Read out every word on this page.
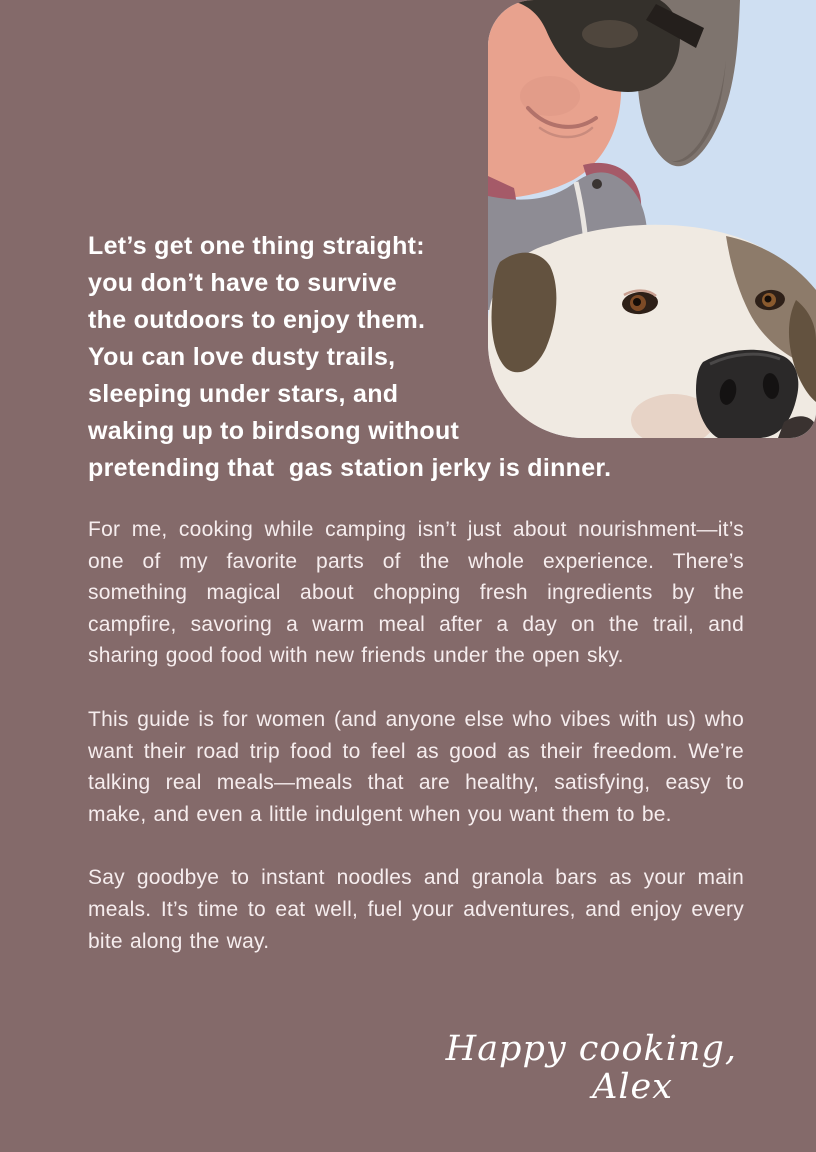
Let’s get one thing straight:
you don’t have to survive
the outdoors to enjoy them.
You can love dusty trails,
sleeping under stars, and
waking up to birdsong without
pretending that  gas station jerky is dinner.

For me, cooking while camping isn’t just about nourishment—it’s one of my favorite parts of the whole experience. There’s something magical about chopping fresh ingredients by the campfire, savoring a warm meal after a day on the trail, and sharing good food with new friends under the open sky.

This guide is for women (and anyone else who vibes with us) who want their road trip food to feel as good as their freedom. We’re talking real meals—meals that are healthy, satisfying, easy to make, and even a little indulgent when you want them to be.

Say goodbye to instant noodles and granola bars as your main meals. It’s time to eat well, fuel your adventures, and enjoy every bite along the way.

Happy cooking,
Alex
